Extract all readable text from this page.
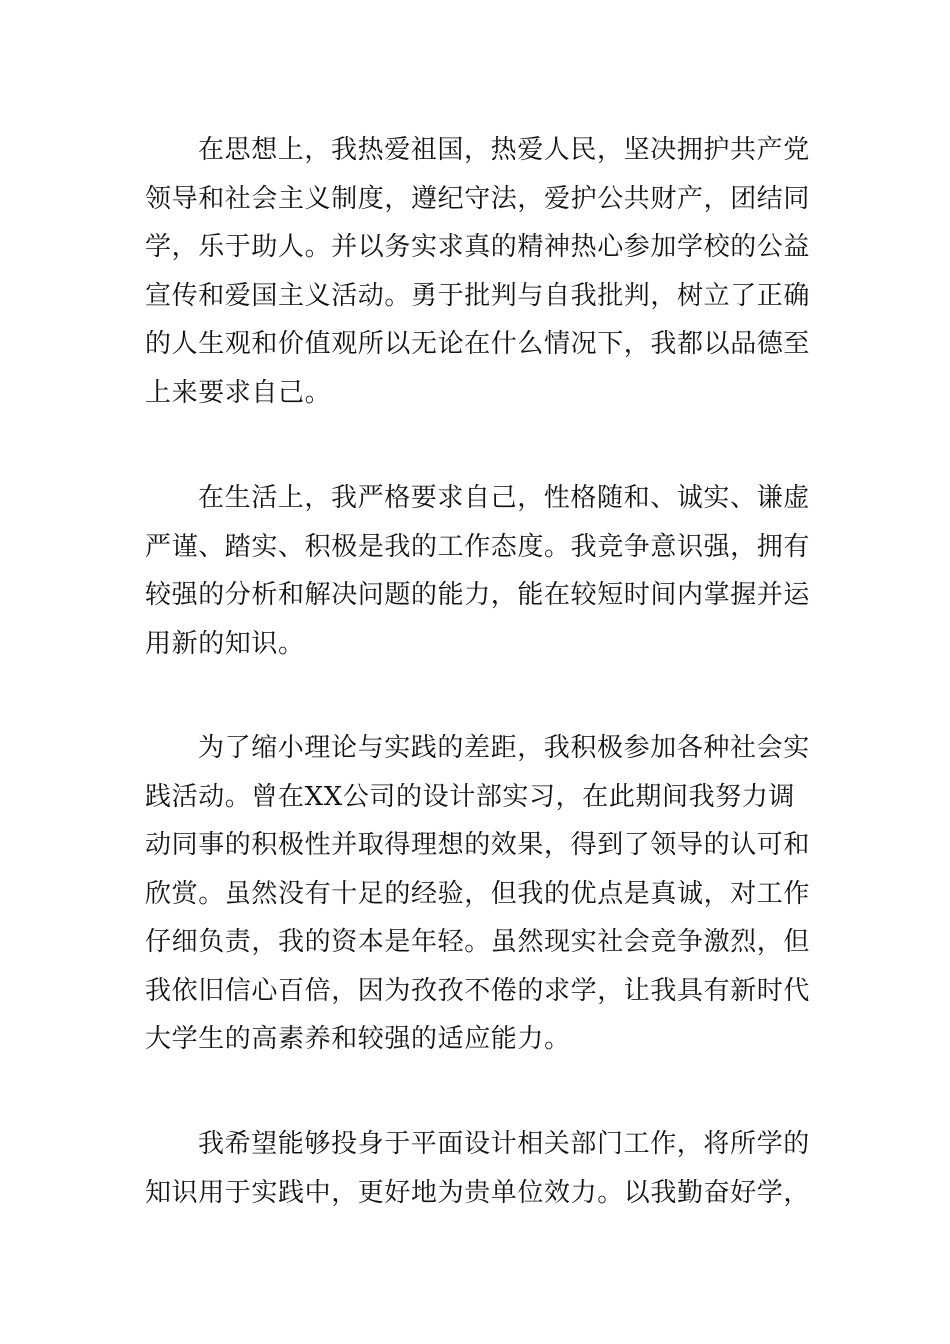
在思想上，我热爱祖国，热爱人民，坚决拥护共产党领导和社会主义制度，遵纪守法，爱护公共财产，团结同学，乐于助人。并以务实求真的精神热心参加学校的公益宣传和爱国主义活动。勇于批判与自我批判，树立了正确的人生观和价值观所以无论在什么情况下，我都以品德至上来要求自己。

在生活上，我严格要求自己，性格随和、诚实、谦虚严谨、踏实、积极是我的工作态度。我竞争意识强，拥有较强的分析和解决问题的能力，能在较短时间内掌握并运用新的知识。

为了缩小理论与实践的差距，我积极参加各种社会实践活动。曾在XX公司的设计部实习，在此期间我努力调动同事的积极性并取得理想的效果，得到了领导的认可和欣赏。虽然没有十足的经验，但我的优点是真诚，对工作仔细负责，我的资本是年轻。虽然现实社会竞争激烈，但我依旧信心百倍，因为孜孜不倦的求学，让我具有新时代大学生的高素养和较强的适应能力。

我希望能够投身于平面设计相关部门工作，将所学的知识用于实践中，更好地为贵单位效力。以我勤奋好学，
